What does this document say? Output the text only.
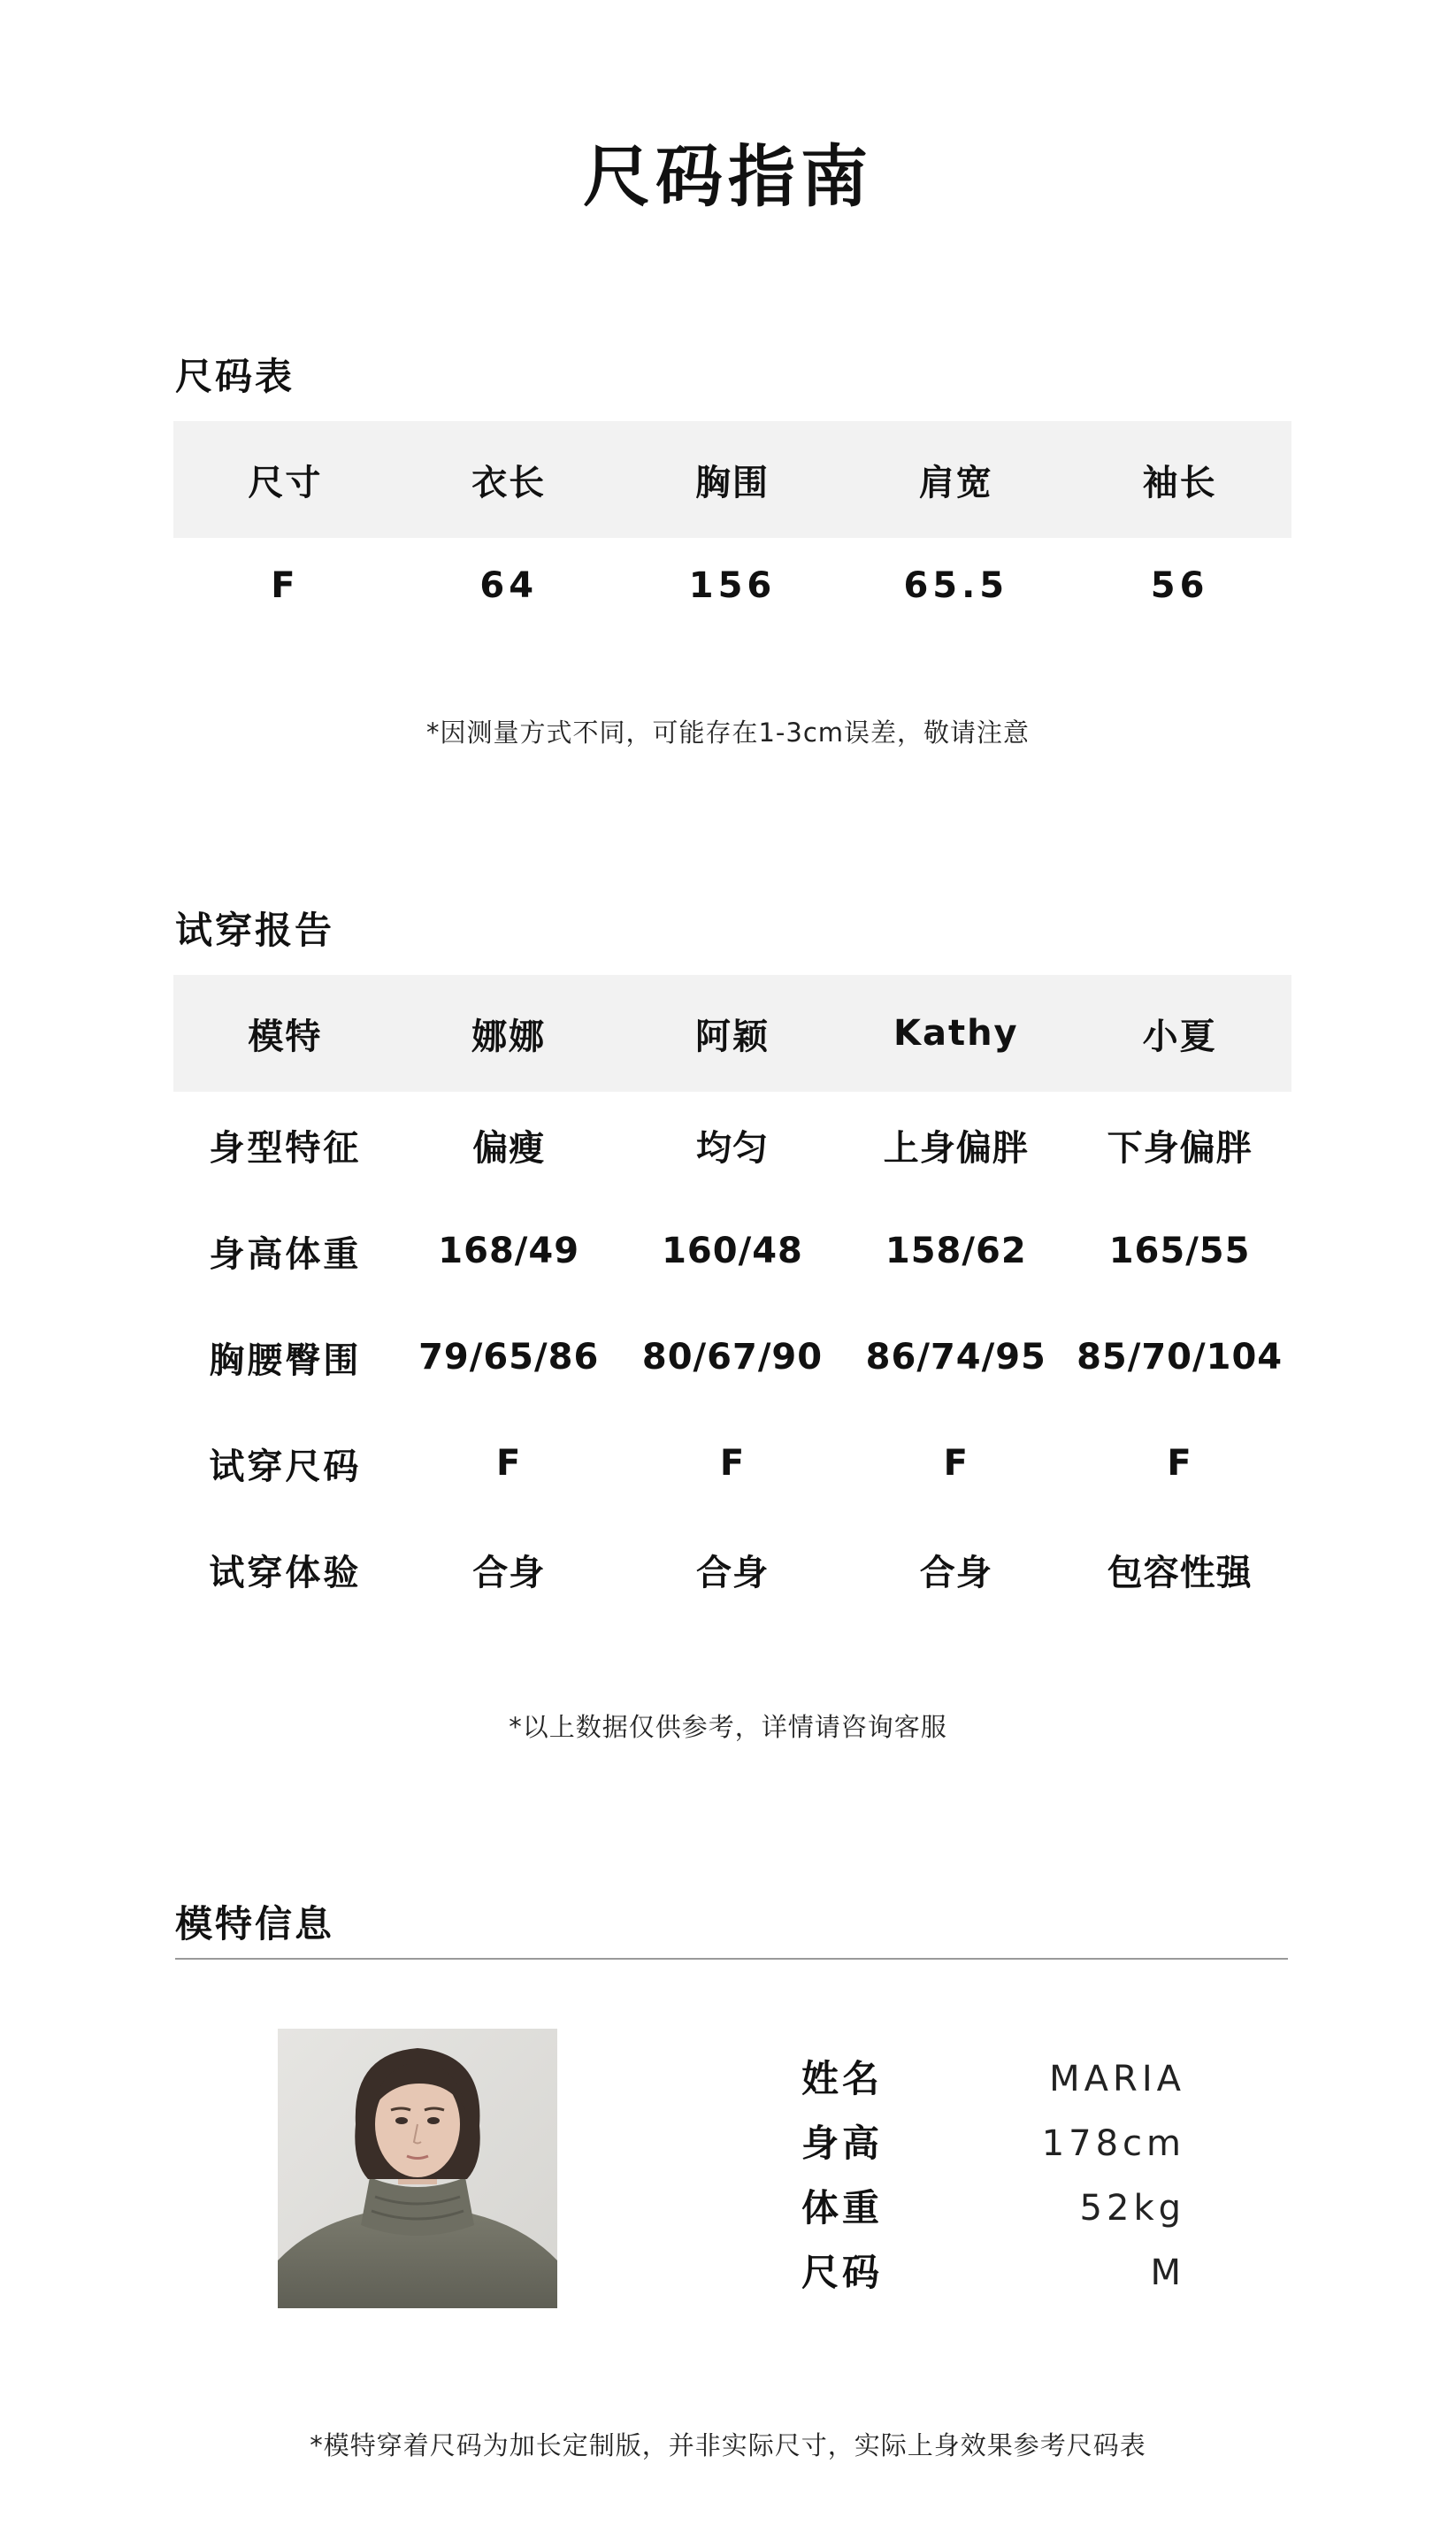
尺码指南
尺码表
尺寸	衣长	胸围	肩宽	袖长
F	64	156	65.5	56
*因测量方式不同，可能存在1-3cm误差，敬请注意
试穿报告
模特	娜娜	阿颖	Kathy	小夏
身型特征	偏瘦	均匀	上身偏胖	下身偏胖
身高体重	168/49	160/48	158/62	165/55
胸腰臀围	79/65/86	80/67/90	86/74/95	85/70/104
试穿尺码	F	F	F	F
试穿体验	合身	合身	合身	包容性强
*以上数据仅供参考，详情请咨询客服
模特信息
姓名	MARIA
身高	178cm
体重	52kg
尺码	M
*模特穿着尺码为加长定制版，并非实际尺寸，实际上身效果参考尺码表
